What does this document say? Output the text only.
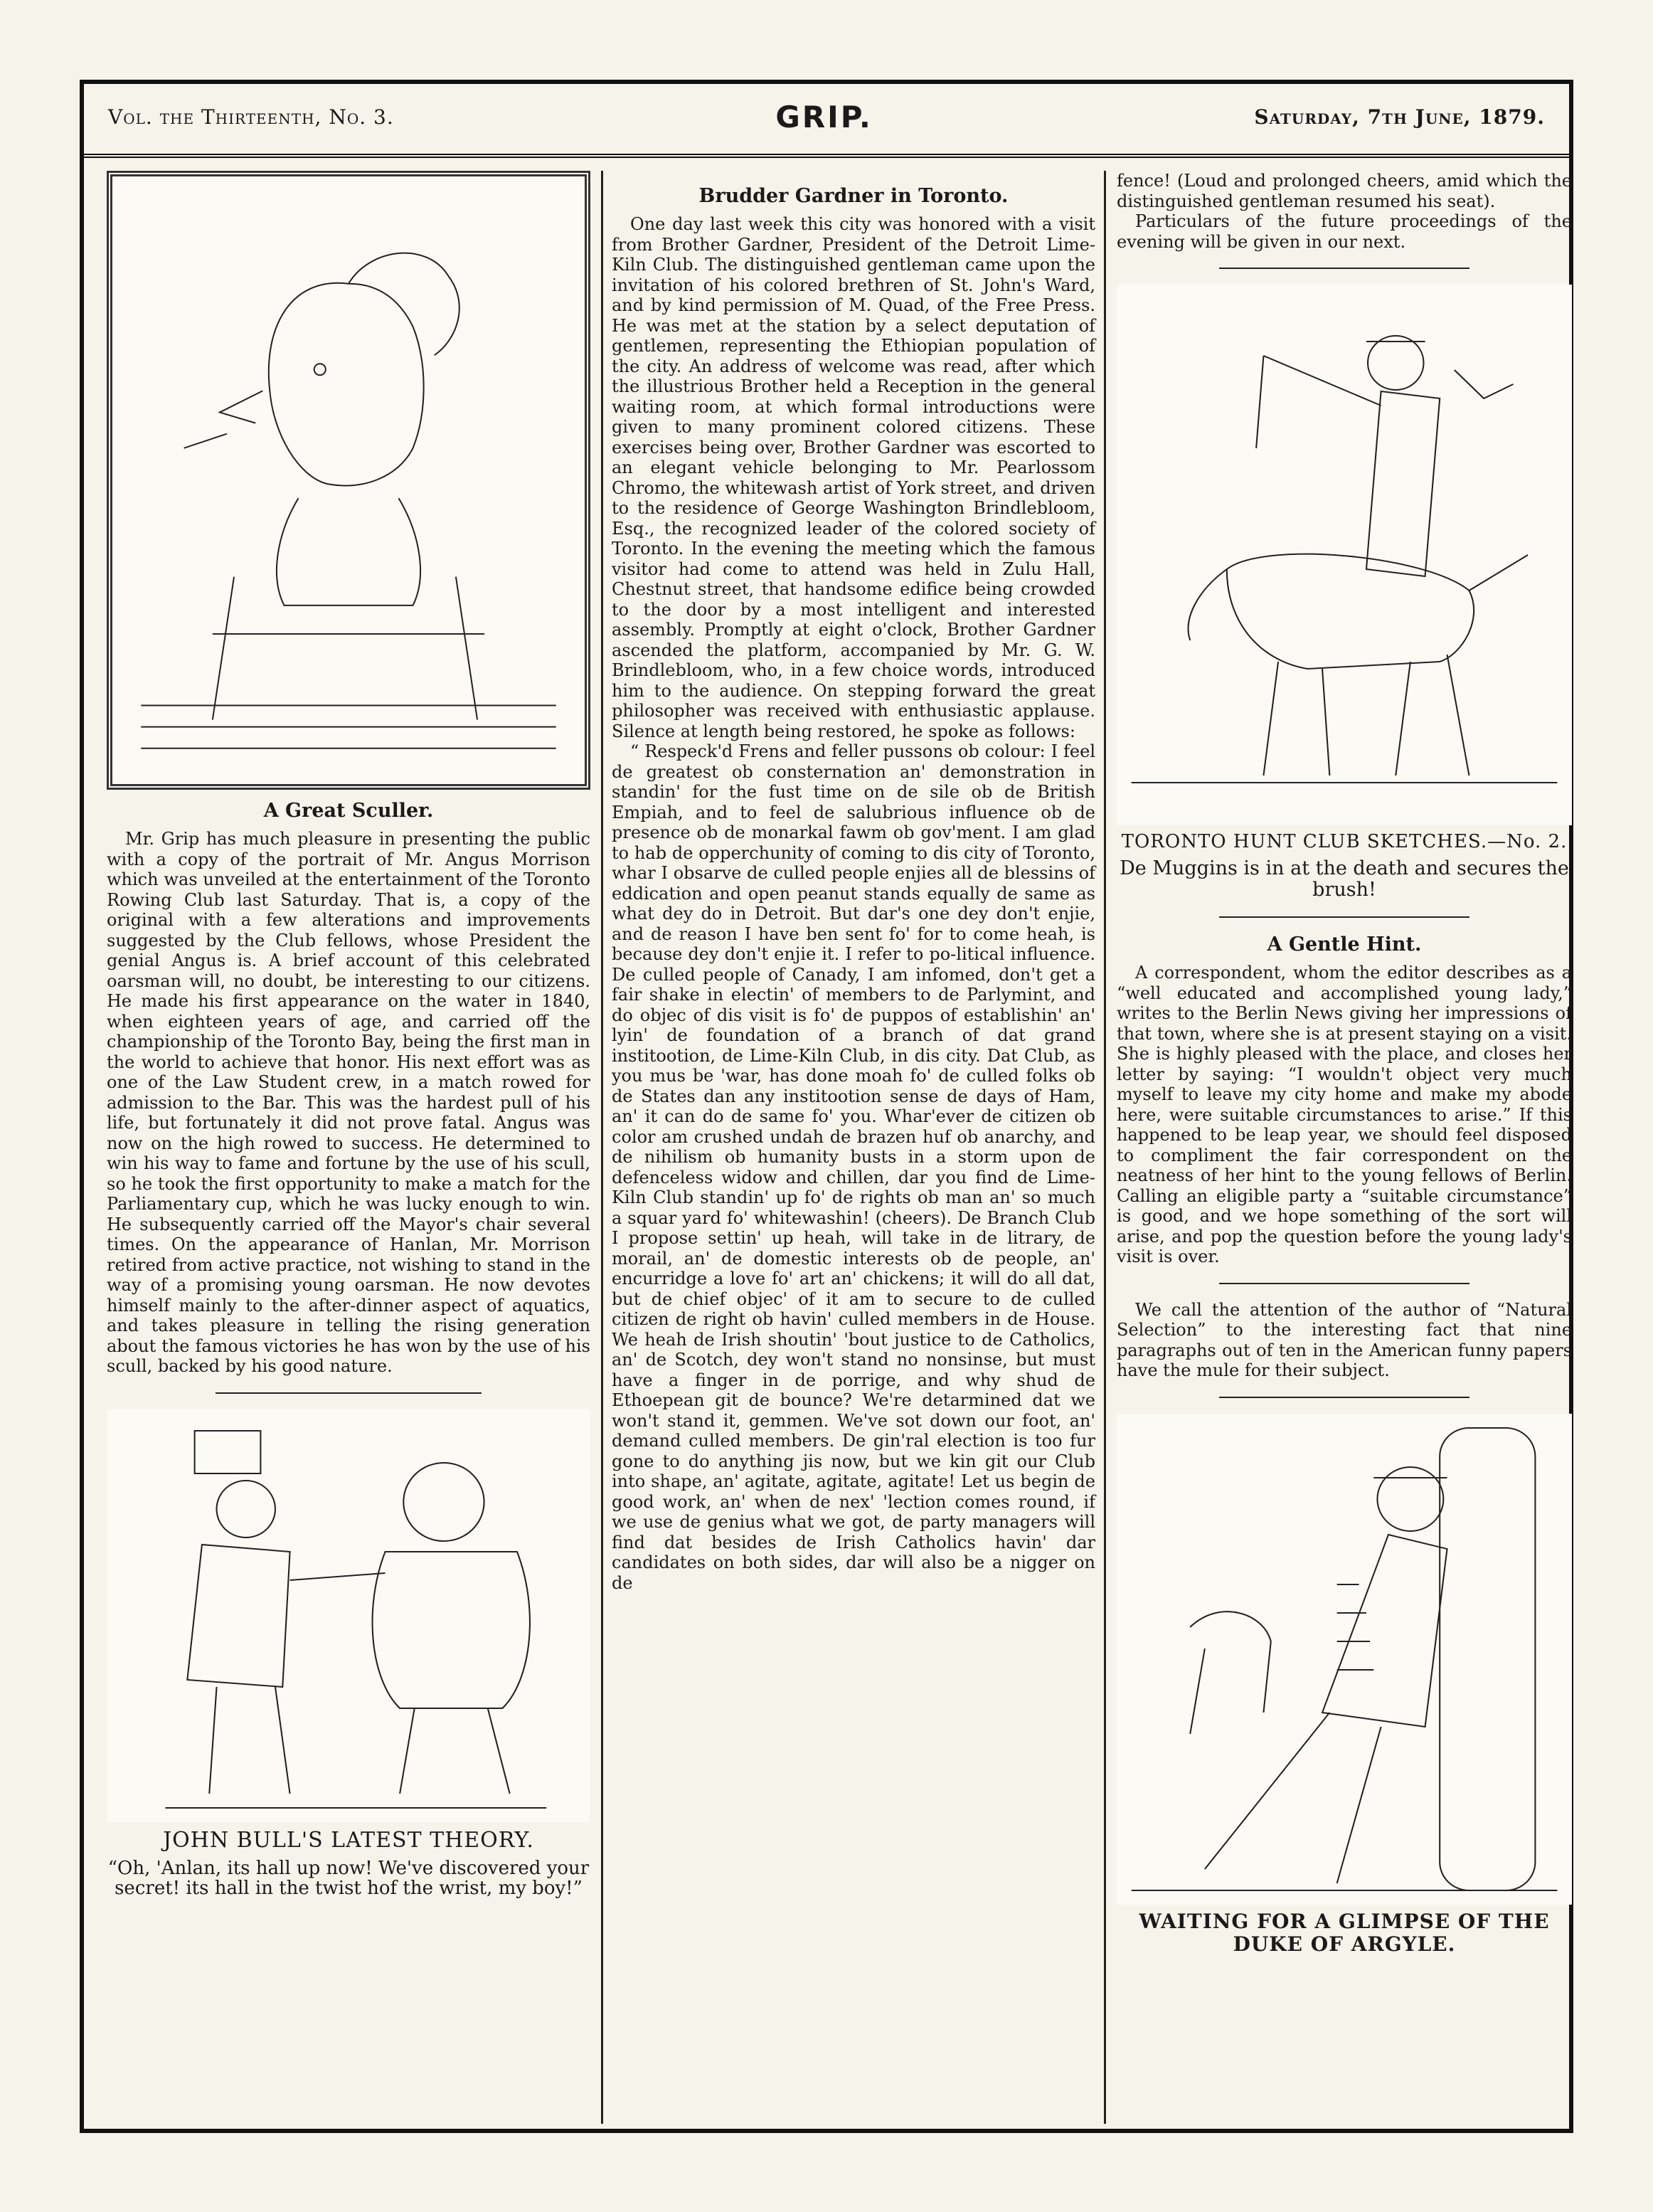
Vol. the Thirteenth, No. 3.	GRIP.	Saturday, 7th June, 1879.
A Great Sculler.

Mr. Grip has much pleasure in presenting the public with a copy of the portrait of Mr. Angus Morrison which was unveiled at the entertainment of the Toronto Rowing Club last Saturday. That is, a copy of the original with a few alterations and improvements suggested by the Club fellows, whose President the genial Angus is. A brief account of this celebrated oarsman will, no doubt, be interesting to our citizens. He made his first appearance on the water in 1840, when eighteen years of age, and carried off the championship of the Toronto Bay, being the first man in the world to achieve that honor. His next effort was as one of the Law Student crew, in a match rowed for admission to the Bar. This was the hardest pull of his life, but fortunately it did not prove fatal. Angus was now on the high rowed to success. He determined to win his way to fame and fortune by the use of his scull, so he took the first opportunity to make a match for the Parliamentary cup, which he was lucky enough to win. He subsequently carried off the Mayor's chair several times. On the appearance of Hanlan, Mr. Morrison retired from active practice, not wishing to stand in the way of a promising young oarsman. He now devotes himself mainly to the after-dinner aspect of aquatics, and takes pleasure in telling the rising generation about the famous victories he has won by the use of his scull, backed by his good nature.

JOHN BULL'S LATEST THEORY.

“Oh, 'Anlan, its hall up now! We've discovered your secret! its hall in the twist hof the wrist, my boy!”

Brudder Gardner in Toronto.

One day last week this city was honored with a visit from Brother Gardner, President of the Detroit Lime-Kiln Club. The distinguished gentleman came upon the invitation of his colored brethren of St. John's Ward, and by kind permission of M. Quad, of the Free Press. He was met at the station by a select deputation of gentlemen, representing the Ethiopian population of the city. An address of welcome was read, after which the illustrious Brother held a Reception in the general waiting room, at which formal introductions were given to many prominent colored citizens. These exercises being over, Brother Gardner was escorted to an elegant vehicle belonging to Mr. Pearlossom Chromo, the whitewash artist of York street, and driven to the residence of George Washington Brindlebloom, Esq., the recognized leader of the colored society of Toronto. In the evening the meeting which the famous visitor had come to attend was held in Zulu Hall, Chestnut street, that handsome edifice being crowded to the door by a most intelligent and interested assembly. Promptly at eight o'clock, Brother Gardner ascended the platform, accompanied by Mr. G. W. Brindlebloom, who, in a few choice words, introduced him to the audience. On stepping forward the great philosopher was received with enthusiastic applause. Silence at length being restored, he spoke as follows:

“ Respeck'd Frens and feller pussons ob colour: I feel de greatest ob consternation an' demonstration in standin' for the fust time on de sile ob de British Empiah, and to feel de salubrious influence ob de presence ob de monarkal fawm ob gov'ment. I am glad to hab de opperchunity of coming to dis city of Toronto, whar I obsarve de culled people enjies all de blessins of eddication and open peanut stands equally de same as what dey do in Detroit. But dar's one dey don't enjie, and de reason I have ben sent fo' for to come heah, is because dey don't enjie it. I refer to po-litical influence. De culled people of Canady, I am infomed, don't get a fair shake in electin' of members to de Parlymint, and do objec of dis visit is fo' de puppos of establishin' an' lyin' de foundation of a branch of dat grand institootion, de Lime-Kiln Club, in dis city. Dat Club, as you mus be 'war, has done moah fo' de culled folks ob de States dan any institootion sense de days of Ham, an' it can do de same fo' you. Whar'ever de citizen ob color am crushed undah de brazen huf ob anarchy, and de nihilism ob humanity busts in a storm upon de defenceless widow and chillen, dar you find de Lime-Kiln Club standin' up fo' de rights ob man an' so much a squar yard fo' whitewashin! (cheers). De Branch Club I propose settin' up heah, will take in de litrary, de morail, an' de domestic interests ob de people, an' encurridge a love fo' art an' chickens; it will do all dat, but de chief objec' of it am to secure to de culled citizen de right ob havin' culled members in de House. We heah de Irish shoutin' 'bout justice to de Catholics, an' de Scotch, dey won't stand no nonsinse, but must have a finger in de porrige, and why shud de Ethoepean git de bounce? We're detarmined dat we won't stand it, gemmen. We've sot down our foot, an' demand culled members. De gin'ral election is too fur gone to do anything jis now, but we kin git our Club into shape, an' agitate, agitate, agitate! Let us begin de good work, an' when de nex' 'lection comes round, if we use de genius what we got, de party managers will find dat besides de Irish Catholics havin' dar candidates on both sides, dar will also be a nigger on de

fence! (Loud and prolonged cheers, amid which the distinguished gentleman resumed his seat).

Particulars of the future proceedings of the evening will be given in our next.

TORONTO HUNT CLUB SKETCHES.—No. 2.
De Muggins is in at the death and secures the brush!
A Gentle Hint.

A correspondent, whom the editor describes as a “well educated and accomplished young lady,” writes to the Berlin News giving her impressions of that town, where she is at present staying on a visit. She is highly pleased with the place, and closes her letter by saying: “I wouldn't object very much myself to leave my city home and make my abode here, were suitable circumstances to arise.” If this happened to be leap year, we should feel disposed to compliment the fair correspondent on the neatness of her hint to the young fellows of Berlin. Calling an eligible party a “suitable circumstance” is good, and we hope something of the sort will arise, and pop the question before the young lady's visit is over.

We call the attention of the author of “Natural Selection” to the interesting fact that nine paragraphs out of ten in the American funny papers have the mule for their subject.

WAITING FOR A GLIMPSE OF THE DUKE OF ARGYLE.
